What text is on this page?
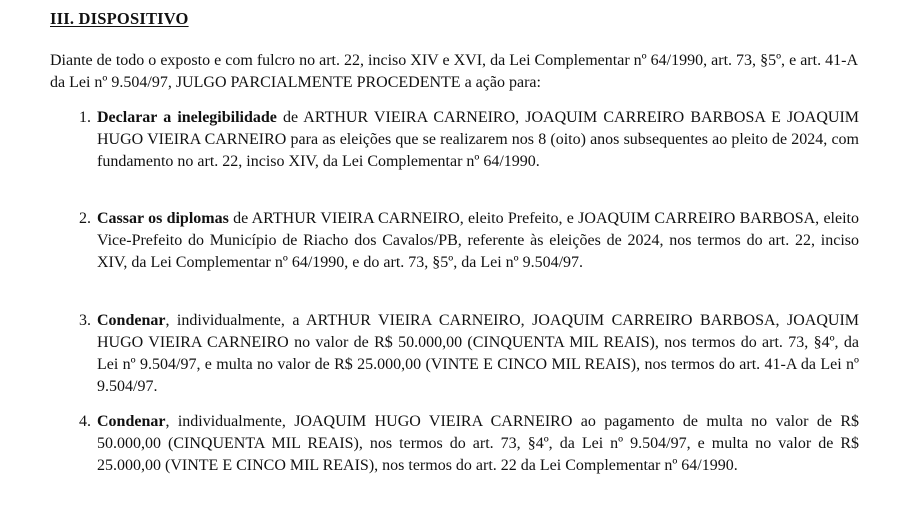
III. DISPOSITIVO

Diante de todo o exposto e com fulcro no art. 22, inciso XIV e XVI, da Lei Complementar nº 64/1990, art. 73, §5º, e art. 41-A da Lei nº 9.504/97, JULGO PARCIALMENTE PROCEDENTE a ação para:

1. Declarar a inelegibilidade de ARTHUR VIEIRA CARNEIRO, JOAQUIM CARREIRO BARBOSA E JOAQUIM HUGO VIEIRA CARNEIRO para as eleições que se realizarem nos 8 (oito) anos subsequentes ao pleito de 2024, com fundamento no art. 22, inciso XIV, da Lei Complementar nº 64/1990.
2. Cassar os diplomas de ARTHUR VIEIRA CARNEIRO, eleito Prefeito, e JOAQUIM CARREIRO BARBOSA, eleito Vice-Prefeito do Município de Riacho dos Cavalos/PB, referente às eleições de 2024, nos termos do art. 22, inciso XIV, da Lei Complementar nº 64/1990, e do art. 73, §5º, da Lei nº 9.504/97.
3. Condenar, individualmente, a ARTHUR VIEIRA CARNEIRO, JOAQUIM CARREIRO BARBOSA, JOAQUIM HUGO VIEIRA CARNEIRO no valor de R$ 50.000,00 (CINQUENTA MIL REAIS), nos termos do art. 73, §4º, da Lei nº 9.504/97, e multa no valor de R$ 25.000,00 (VINTE E CINCO MIL REAIS), nos termos do art. 41-A da Lei nº 9.504/97.
4. Condenar, individualmente, JOAQUIM HUGO VIEIRA CARNEIRO ao pagamento de multa no valor de R$ 50.000,00 (CINQUENTA MIL REAIS), nos termos do art. 73, §4º, da Lei nº 9.504/97, e multa no valor de R$ 25.000,00 (VINTE E CINCO MIL REAIS), nos termos do art. 22 da Lei Complementar nº 64/1990.
